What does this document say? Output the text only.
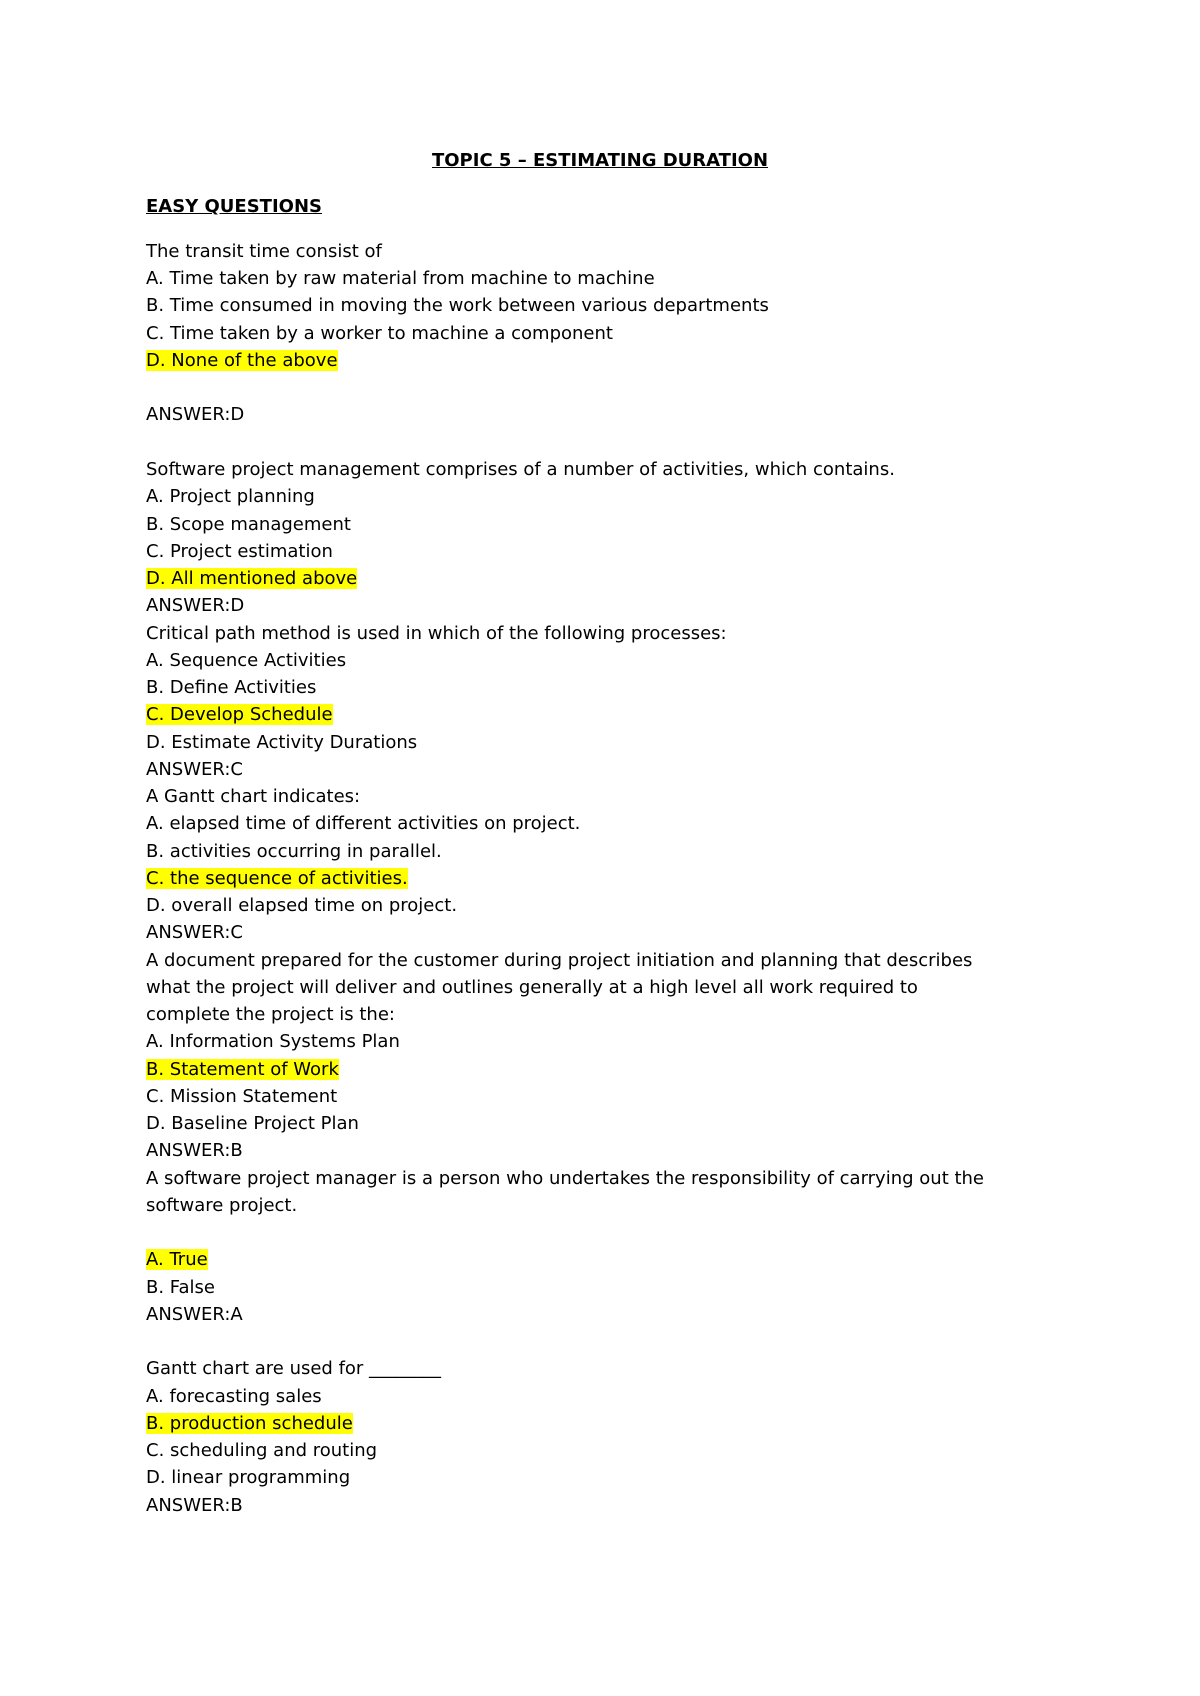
TOPIC 5 – ESTIMATING DURATION
EASY QUESTIONS
The transit time consist of
A. Time taken by raw material from machine to machine
B. Time consumed in moving the work between various departments
C. Time taken by a worker to machine a component
D. None of the above
ANSWER:D
Software project management comprises of a number of activities, which contains.
A. Project planning
B. Scope management
C. Project estimation
D. All mentioned above
ANSWER:D
Critical path method is used in which of the following processes:
A. Sequence Activities
B. Define Activities
C. Develop Schedule
D. Estimate Activity Durations
ANSWER:C
A Gantt chart indicates:
A. elapsed time of different activities on project.
B. activities occurring in parallel.
C. the sequence of activities.
D. overall elapsed time on project.
ANSWER:C
A document prepared for the customer during project initiation and planning that describes
what the project will deliver and outlines generally at a high level all work required to
complete the project is the:
A. Information Systems Plan
B. Statement of Work
C. Mission Statement
D. Baseline Project Plan
ANSWER:B
A software project manager is a person who undertakes the responsibility of carrying out the
software project.
A. True
B. False
ANSWER:A
Gantt chart are used for ________
A. forecasting sales
B. production schedule
C. scheduling and routing
D. linear programming
ANSWER:B
